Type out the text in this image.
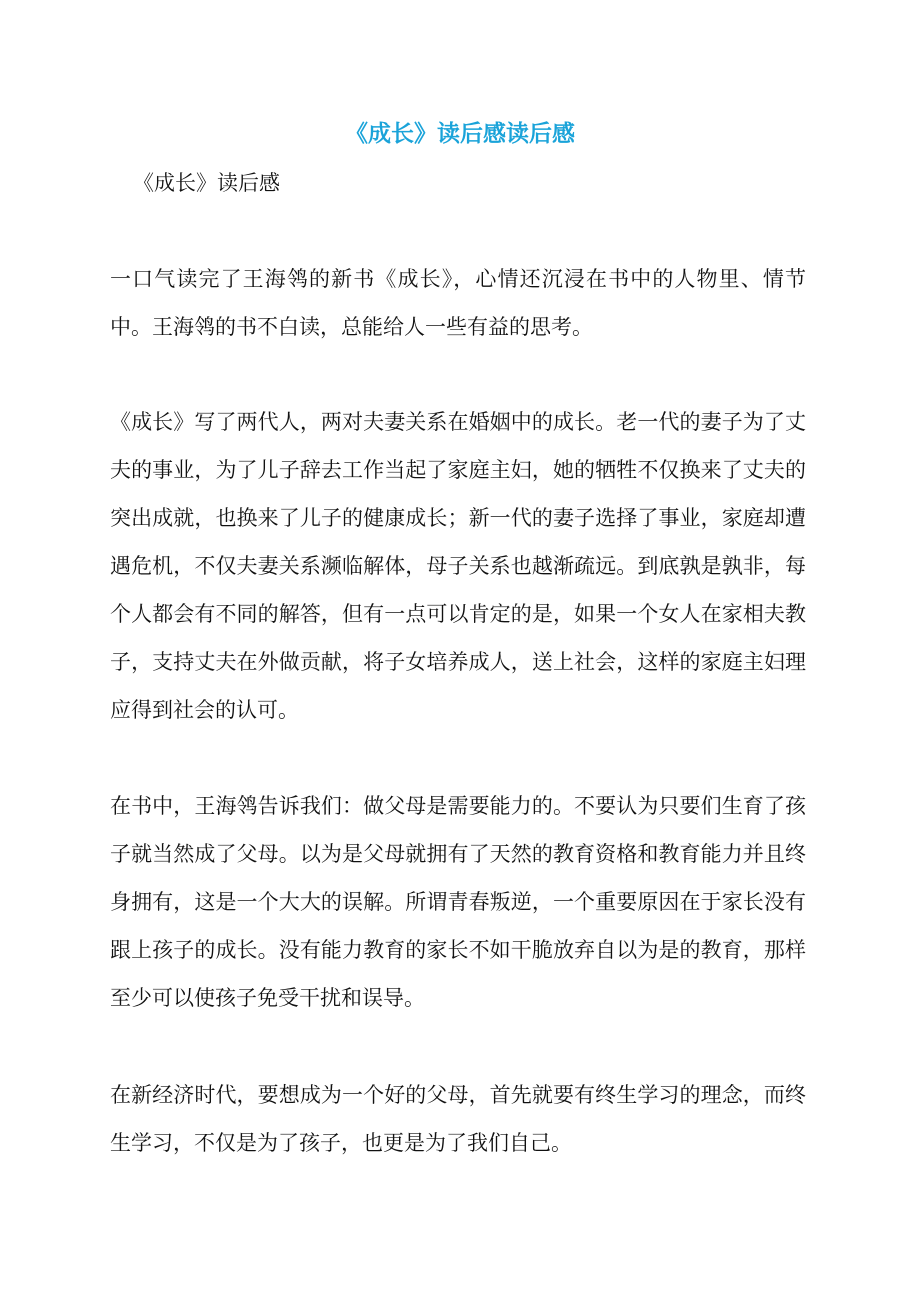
《成长》读后感读后感

《成长》读后感

一口气读完了王海鸰的新书《成长》，心情还沉浸在书中的人物里、情节中。王海鸰的书不白读，总能给人一些有益的思考。

《成长》写了两代人，两对夫妻关系在婚姻中的成长。老一代的妻子为了丈夫的事业，为了儿子辞去工作当起了家庭主妇，她的牺牲不仅换来了丈夫的突出成就，也换来了儿子的健康成长；新一代的妻子选择了事业，家庭却遭遇危机，不仅夫妻关系濒临解体，母子关系也越渐疏远。到底孰是孰非，每个人都会有不同的解答，但有一点可以肯定的是，如果一个女人在家相夫教子，支持丈夫在外做贡献，将子女培养成人，送上社会，这样的家庭主妇理应得到社会的认可。

在书中，王海鸰告诉我们：做父母是需要能力的。不要认为只要们生育了孩子就当然成了父母。以为是父母就拥有了天然的教育资格和教育能力并且终身拥有，这是一个大大的误解。所谓青春叛逆，一个重要原因在于家长没有跟上孩子的成长。没有能力教育的家长不如干脆放弃自以为是的教育，那样至少可以使孩子免受干扰和误导。

在新经济时代，要想成为一个好的父母，首先就要有终生学习的理念，而终生学习，不仅是为了孩子，也更是为了我们自己。
